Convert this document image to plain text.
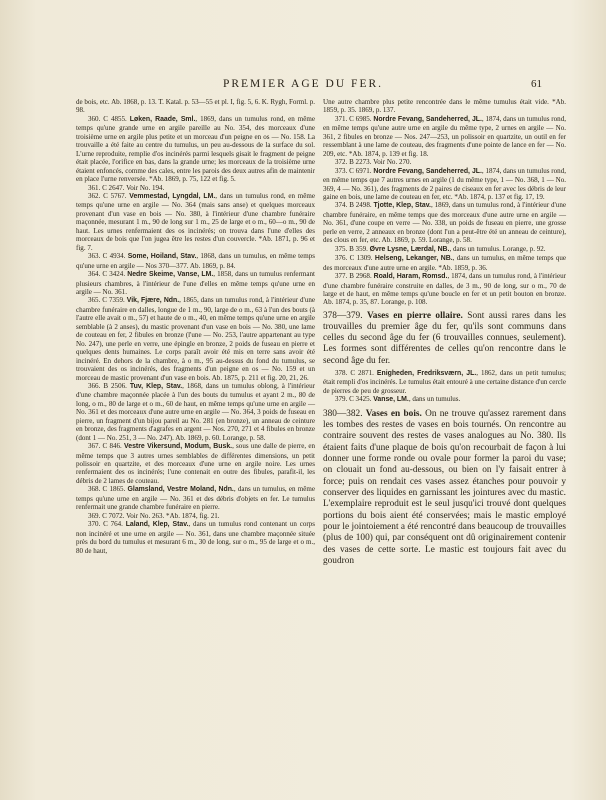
PREMIER AGE DU FER.	61

de bois, etc. Ab. 1868, p. 13. T. Katal. p. 53—55 et pl. I, fig. 5, 6. K. Rygh, Forml. p. 98.

360. C 4855. Løken, Raade, Sml., 1869, dans un tumulus rond, en même temps qu'une grande urne en argile pareille au No. 354, des morceaux d'une troisième urne en argile plus petite et un morceau d'un peigne en os — No. 158. La trouvaille a été faite au centre du tumulus, un peu au-dessous de la surface du sol. L'urne reproduite, remplie d'os incinérés parmi lesquels gisait le fragment de peigne était placée, l'orifice en bas, dans la grande urne; les morceaux de la troisième urne étaient enfoncés, comme des cales, entre les parois des deux autres afin de maintenir en place l'urne renversée. *Ab. 1869, p. 75, 122 et fig. 5.

361. C 2647. Voir No. 194.

362. C 5767. Vemmestad, Lyngdal, LM., dans un tumulus rond, en même temps qu'une urne en argile — No. 364 (mais sans anse) et quelques morceaux provenant d'un vase en bois — No. 380, à l'intérieur d'une chambre funéraire maçonnée, mesurant 1 m., 90 de long sur 1 m., 25 de large et o m., 60—o m., 90 de haut. Les urnes renfermaient des os incinérés; on trouva dans l'une d'elles des morceaux de bois que l'on jugea être les restes d'un couvercle. *Ab. 1871, p. 96 et fig. 7.

363. C 4934. Some, Hoiland, Stav., 1868, dans un tumulus, en même temps qu'une urne en argile — Nos 370—377. Ab. 1869, p. 84.

364. C 3424. Nedre Skeime, Vanse, LM., 1858, dans un tumulus renfermant plusieurs chambres, à l'intérieur de l'une d'elles en même temps qu'une urne en argile — No. 361.

365. C 7359. Vik, Fjære, Ndn., 1865, dans un tumulus rond, à l'intérieur d'une chambre funéraire en dalles, longue de 1 m., 90, large de o m., 63 à l'un des bouts (à l'autre elle avait o m., 57) et haute de o m., 40, en même temps qu'une urne en argile semblable (à 2 anses), du mastic provenant d'un vase en bois — No. 380, une lame de couteau en fer, 2 fibules en bronze (l'une — No. 253, l'autre appartenant au type No. 247), une perle en verre, une épingle en bronze, 2 poids de fuseau en pierre et quelques dents humaines. Le corps paraît avoir été mis en terre sans avoir été incinéré. En dehors de la chambre, à o m., 95 au-dessus du fond du tumulus, se trouvaient des os incinérés, des fragments d'un peigne en os — No. 159 et un morceau de mastic provenant d'un vase en bois. Ab. 1875, p. 211 et fig. 20, 21, 26.

366. B 2506. Tuv, Klep, Stav., 1868, dans un tumulus oblong, à l'intérieur d'une chambre maçonnée placée à l'un des bouts du tumulus et ayant 2 m., 80 de long, o m., 80 de large et o m., 60 de haut, en même temps qu'une urne en argile — No. 361 et des morceaux d'une autre urne en argile — No. 364, 3 poids de fuseau en pierre, un fragment d'un bijou pareil au No. 281 (en bronze), un anneau de ceinture en bronze, des fragments d'agrafes en argent — Nos. 270, 271 et 4 fibules en bronze (dont 1 — No. 251, 3 — No. 247). Ab. 1869, p. 60. Lorange, p. 58.

367. C 846. Vestre Vikersund, Modum, Busk., sous une dalle de pierre, en même temps que 3 autres urnes semblables de différentes dimensions, un petit polissoir en quartzite, et des morceaux d'une urne en argile noire. Les urnes renfermaient des os incinérés; l'une contenait en outre des fibules, parafit-il, les débris de 2 lames de couteau.

368. C 1865. Glamsland, Vestre Moland, Ndn., dans un tumulus, en même temps qu'une urne en argile — No. 361 et des débris d'objets en fer. Le tumulus renfermait une grande chambre funéraire en pierre.

369. C 7072. Voir No. 263. *Ab. 1874, fig. 21.

370. C 764. Laland, Klep, Stav., dans un tumulus rond contenant un corps non incinéré et une urne en argile — No. 361, dans une chambre maçonnée située près du bord du tumulus et mesurant 6 m., 30 de long, sur o m., 95 de large et o m., 80 de haut,

Une autre chambre plus petite rencontrée dans le même tumulus était vide. *Ab. 1859, p. 35. 1869, p. 137.

371. C 6985. Nordre Fevang, Sandeherred, JL., 1874, dans un tumulus rond, en même temps qu'une autre urne en argile du même type, 2 urnes en argile — No. 361, 2 fibules en bronze — Nos. 247—253, un polissoir en quartzite, un outil en fer ressemblant à une lame de couteau, des fragments d'une pointe de lance en fer — No. 209, etc. *Ab. 1874, p. 139 et fig. 18.

372. B 2273. Voir No. 270.

373. C 6971. Nordre Fevang, Sandeherred, JL., 1874, dans un tumulus rond, en même temps que 7 autres urnes en argile (1 du même type, 1 — No. 368, 1 — No. 369, 4 — No. 361), des fragments de 2 paires de ciseaux en fer avec les débris de leur gaine en bois, une lame de couteau en fer, etc. *Ab. 1874, p. 137 et fig. 17, 19.

374. B 2498. Tjotte, Klep, Stav., 1869, dans un tumulus rond, à l'intérieur d'une chambre funéraire, en même temps que des morceaux d'une autre urne en argile — No. 361, d'une coupe en verre — No. 338, un poids de fuseau en pierre, une grosse perle en verre, 2 anneaux en bronze (dont l'un a peut-être été un anneau de ceinture), des clous en fer, etc. Ab. 1869, p. 59. Lorange, p. 58.

375. B 359. Øvre Lysne, Lærdal, NB., dans un tumulus. Lorange, p. 92.

376. C 1309. Helseng, Lekanger, NB., dans un tumulus, en même temps que des morceaux d'une autre urne en argile. *Ab. 1859, p. 36.

377. B 2968. Roald, Haram, Romsd., 1874, dans un tumulus rond, à l'intérieur d'une chambre funéraire construite en dalles, de 3 m., 90 de long, sur o m., 70 de large et de haut, en même temps qu'une boucle en fer et un petit bouton en bronze. Ab. 1874, p. 35, 87. Lorange, p. 108.

378—379. Vases en pierre ollaire. Sont aussi rares dans les trouvailles du premier âge du fer, qu'ils sont communs dans celles du second âge du fer (6 trouvailles connues, seulement). Les formes sont différentes de celles qu'on rencontre dans le second âge du fer.

378. C 2871. Enigheden, Fredriksværn, JL., 1862, dans un petit tumulus; était rempli d'os incinérés. Le tumulus était entouré à une certaine distance d'un cercle de pierres de peu de grosseur.

379. C 3425. Vanse, LM., dans un tumulus.

380—382. Vases en bois. On ne trouve qu'assez rarement dans les tombes des restes de vases en bois tournés. On rencontre au contraire souvent des restes de vases analogues au No. 380. Ils étaient faits d'une plaque de bois qu'on recourbait de façon à lui donner une forme ronde ou ovale pour former la paroi du vase; on clouait un fond au-dessous, ou bien on l'y faisait entrer à force; puis on rendait ces vases assez étanches pour pouvoir y conserver des liquides en garnissant les jointures avec du mastic. L'exemplaire reproduit est le seul jusqu'ici trouvé dont quelques portions du bois aient été conservées; mais le mastic employé pour le jointoiement a été rencontré dans beaucoup de trouvailles (plus de 100) qui, par conséquent ont dû originairement contenir des vases de cette sorte. Le mastic est toujours fait avec du goudron
